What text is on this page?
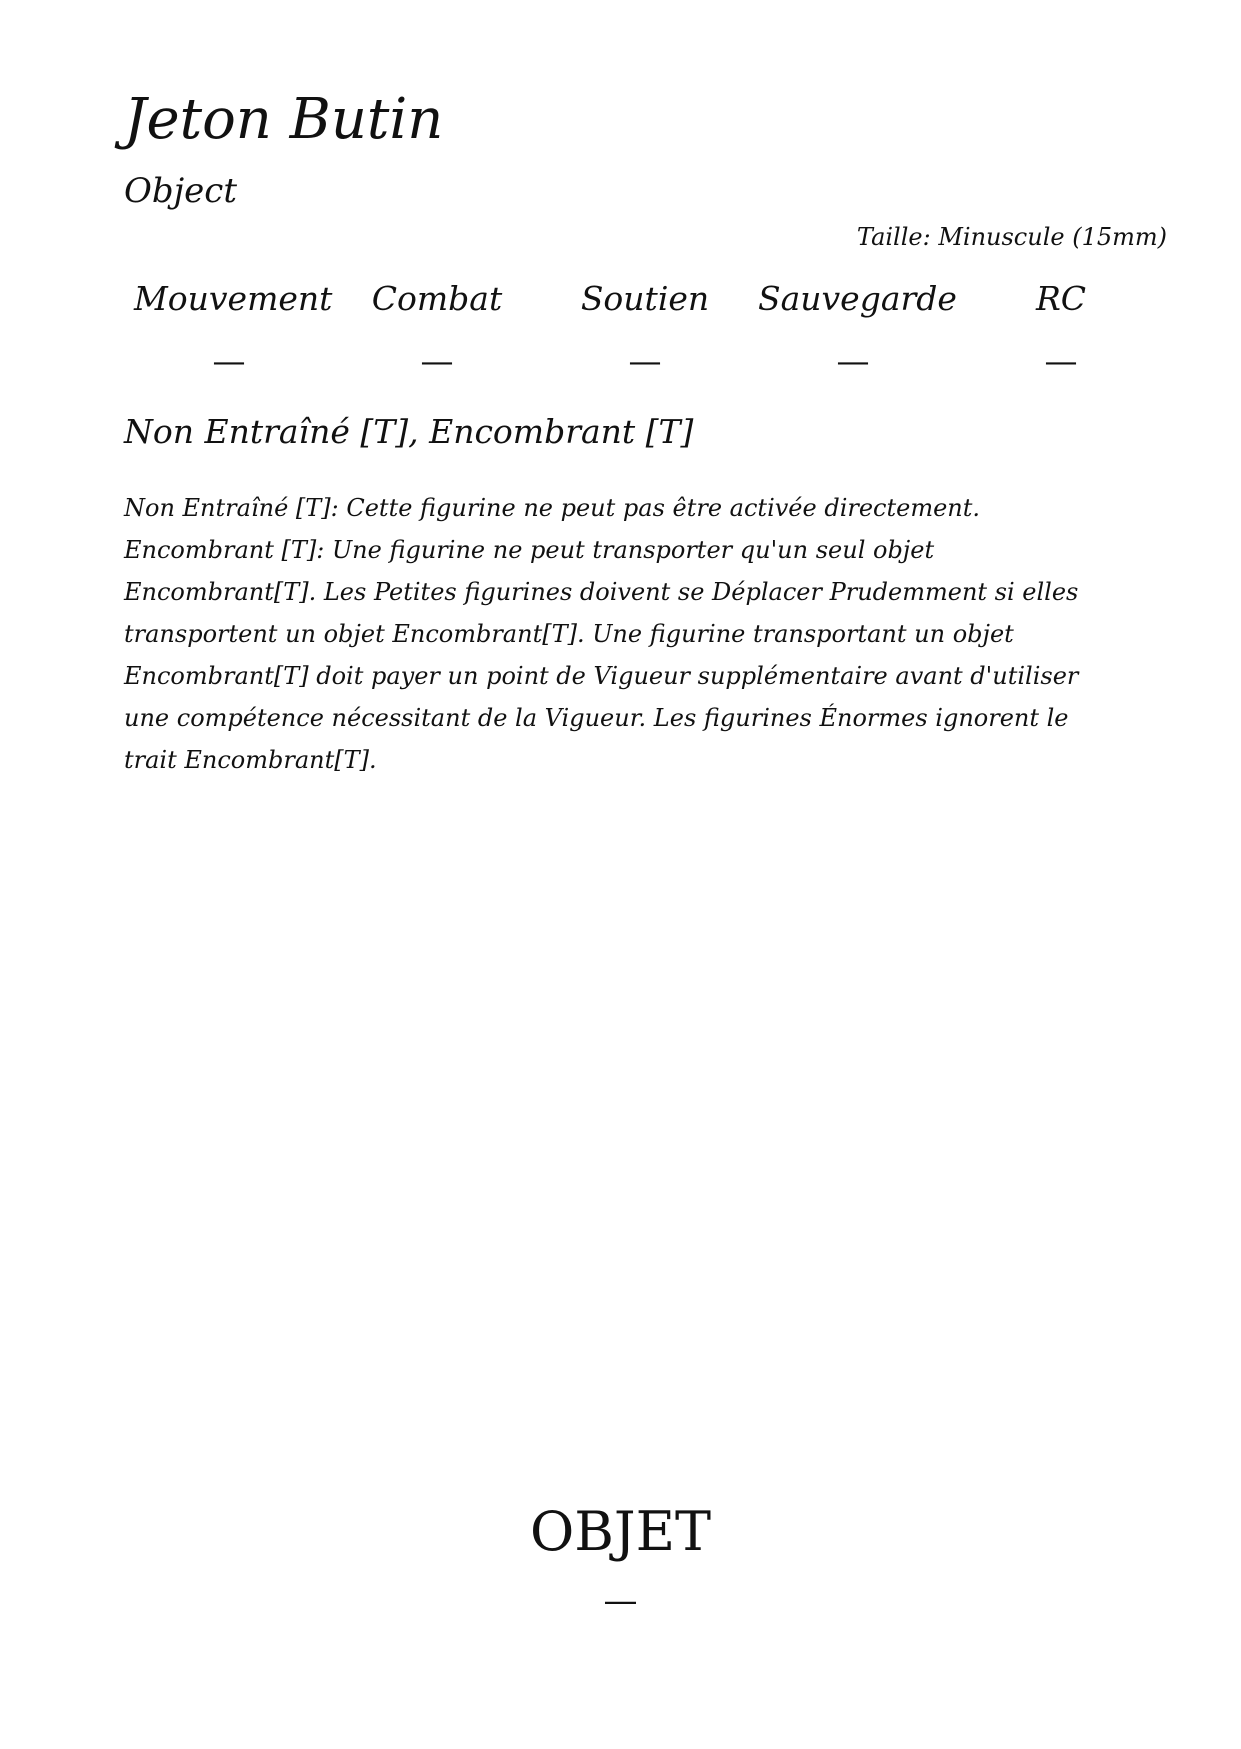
Jeton Butin
Object
Taille: Minuscule (15mm)
Mouvement
—
Combat
—
Soutien
—
Sauvegarde
—
RC
—
Non Entraîné [T], Encombrant [T]
Non Entraîné [T] : Cette figurine ne peut pas être activée directement.
Encombrant [T] : Une figurine ne peut transporter qu'un seul objet Encombrant[T]. Les Petites figurines doivent se Déplacer Prudemment si elles transportent un objet Encombrant[T]. Une figurine transportant un objet Encombrant[T] doit payer un point de Vigueur supplémentaire avant d'utiliser une compétence nécessitant de la Vigueur. Les figurines Énormes ignorent le trait Encombrant[T].
OBJET
—
